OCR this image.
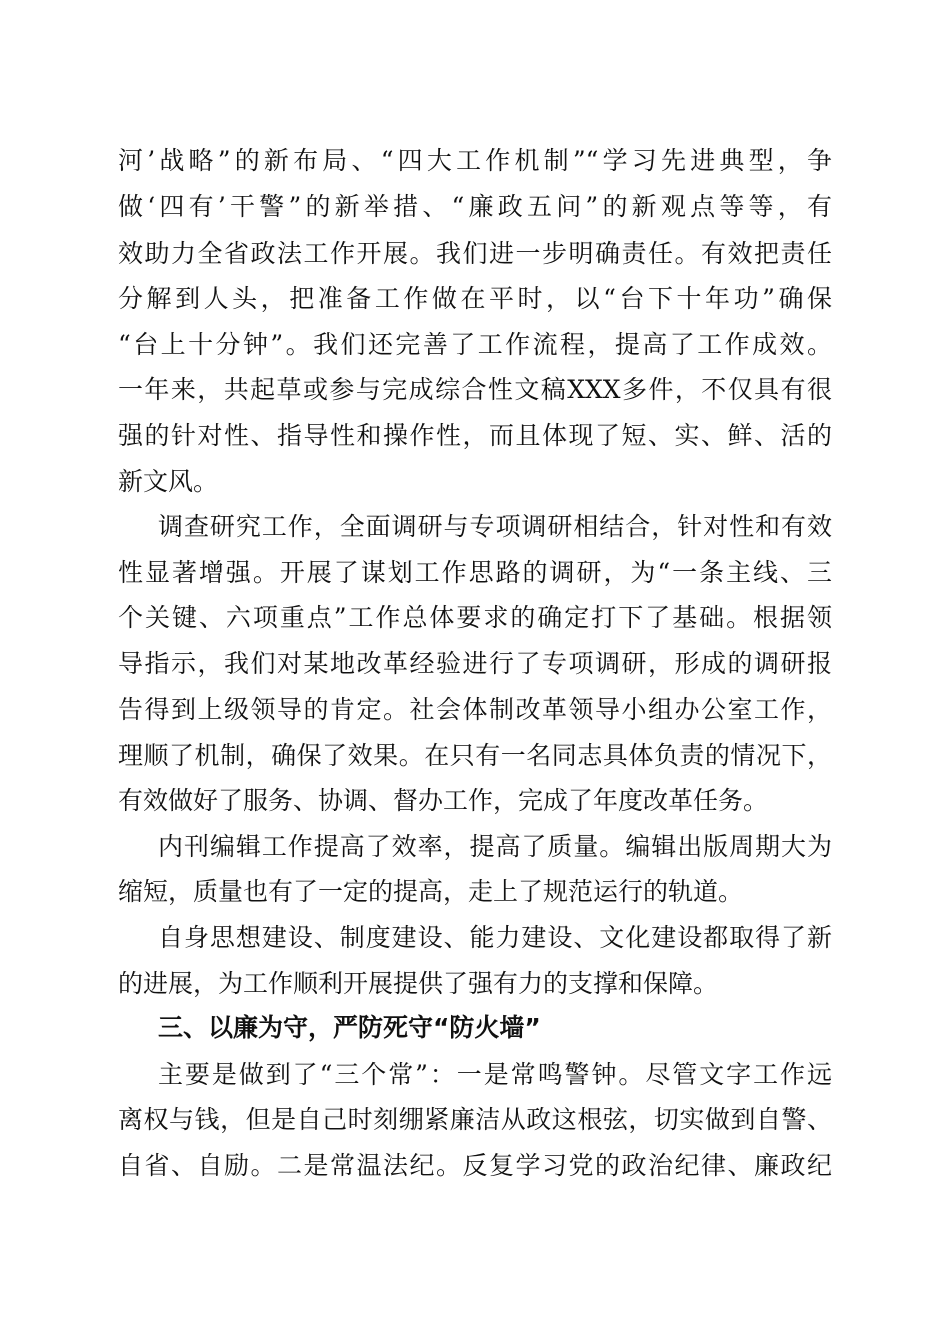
河’战略”的新布局、“四大工作机制”“学习先进典型，争
做‘四有’干警”的新举措、“廉政五问”的新观点等等，有
效助力全省政法工作开展。我们进一步明确责任。有效把责任
分解到人头，把准备工作做在平时，以“台下十年功”确保
“台上十分钟”。我们还完善了工作流程，提高了工作成效。
一年来，共起草或参与完成综合性文稿XXX多件，不仅具有很
强的针对性、指导性和操作性，而且体现了短、实、鲜、活的
新文风。
调查研究工作，全面调研与专项调研相结合，针对性和有效
性显著增强。开展了谋划工作思路的调研，为“一条主线、三
个关键、六项重点”工作总体要求的确定打下了基础。根据领
导指示，我们对某地改革经验进行了专项调研，形成的调研报
告得到上级领导的肯定。社会体制改革领导小组办公室工作，
理顺了机制，确保了效果。在只有一名同志具体负责的情况下，
有效做好了服务、协调、督办工作，完成了年度改革任务。
内刊编辑工作提高了效率，提高了质量。编辑出版周期大为
缩短，质量也有了一定的提高，走上了规范运行的轨道。
自身思想建设、制度建设、能力建设、文化建设都取得了新
的进展，为工作顺利开展提供了强有力的支撑和保障。
三、以廉为守，严防死守“防火墙”
主要是做到了“三个常”：一是常鸣警钟。尽管文字工作远
离权与钱，但是自己时刻绷紧廉洁从政这根弦，切实做到自警、
自省、自励。二是常温法纪。反复学习党的政治纪律、廉政纪
